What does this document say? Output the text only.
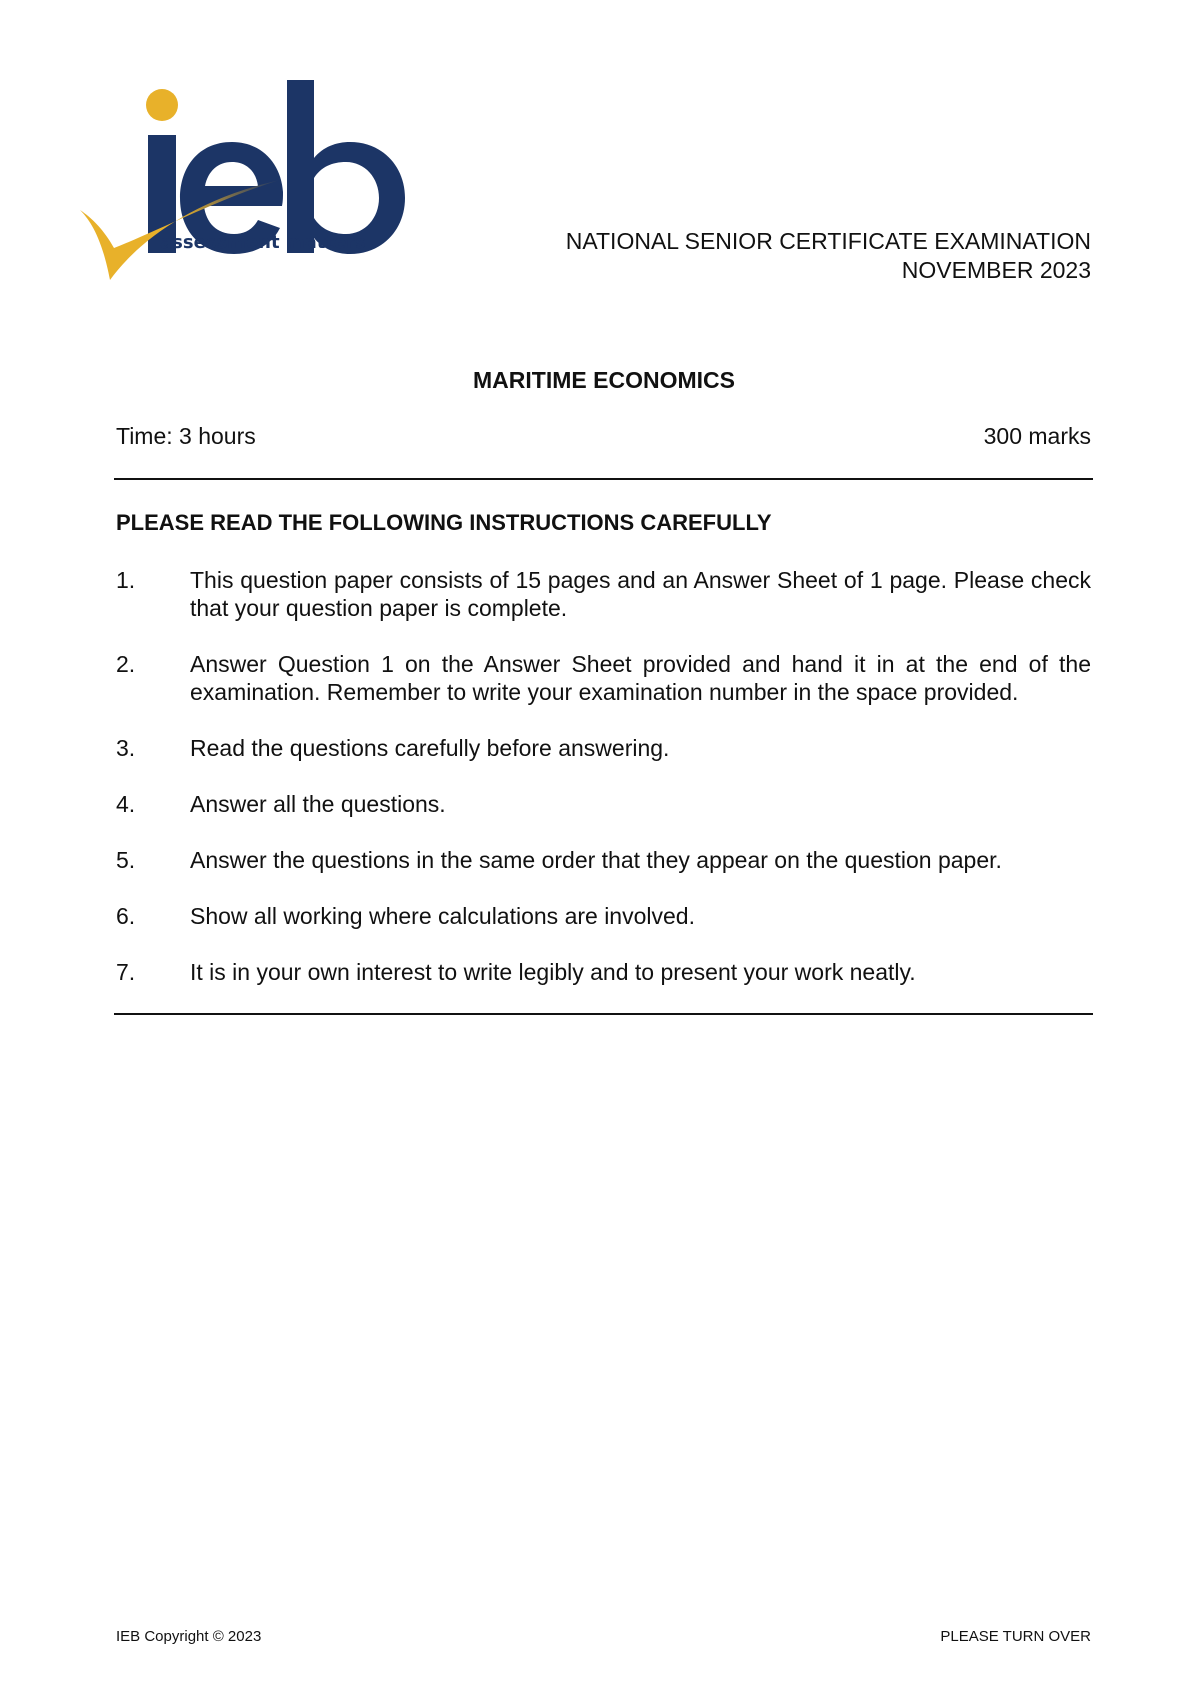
assessment matters	NATIONAL SENIOR CERTIFICATE EXAMINATION
NOVEMBER 2023
MARITIME ECONOMICS
Time: 3 hours	300 marks
PLEASE READ THE FOLLOWING INSTRUCTIONS CAREFULLY
1.	This question paper consists of 15 pages and an Answer Sheet of 1 page. Please check that your question paper is complete.
2.	Answer Question 1 on the Answer Sheet provided and hand it in at the end of the examination. Remember to write your examination number in the space provided.
3.	Read the questions carefully before answering.
4.	Answer all the questions.
5.	Answer the questions in the same order that they appear on the question paper.
6.	Show all working where calculations are involved.
7.	It is in your own interest to write legibly and to present your work neatly.
IEB Copyright © 2023	PLEASE TURN OVER
